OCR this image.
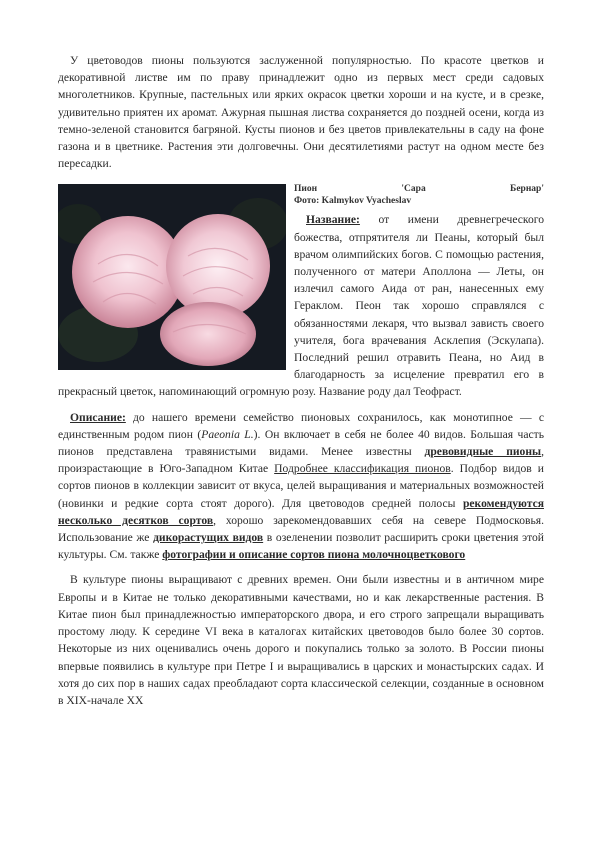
У цветоводов пионы пользуются заслуженной популярностью. По красоте цветков и декоративной листве им по праву принадлежит одно из первых мест среди садовых многолетников. Крупные, пастельных или ярких окрасок цветки хороши и на кусте, и в срезке, удивительно приятен их аромат. Ажурная пышная листва сохраняется до поздней осени, когда из темно-зеленой становится багряной. Кусты пионов и без цветов привлекательны в саду на фоне газона и в цветнике. Растения эти долговечны. Они десятилетиями растут на одном месте без пересадки.

Пион	'Сара	Бернар'
Фото: Kalmykov Vyacheslav

Название: от имени древнегреческого божества, отпрятителя ли Пеаны, который был врачом олимпийских богов. С помощью растения, полученного от матери Аполлона — Леты, он излечил самого Аида от ран, нанесенных ему Гераклом. Пеон так хорошо справлялся с обязанностями лекаря, что вызвал зависть своего учителя, бога врачевания Асклепия (Эскулапа). Последний решил отравить Пеана, но Аид в благодарность за исцеление превратил его в прекрасный цветок, напоминающий огромную розу. Название роду дал Теофраст.

Описание: до нашего времени семейство пионовых сохранилось, как монотипное — с единственным родом пион (Paeonia L.). Он включает в себя не более 40 видов. Большая часть пионов представлена травянистыми видами. Менее известны древовидные пионы, произрастающие в Юго-Западном Китае Подробнее классификация пионов. Подбор видов и сортов пионов в коллекции зависит от вкуса, целей выращивания и материальных возможностей (новинки и редкие сорта стоят дорого). Для цветоводов средней полосы рекомендуются несколько десятков сортов, хорошо зарекомендовавших себя на севере Подмосковья. Использование же дикорастущих видов в озеленении позволит расширить сроки цветения этой культуры. См. также фотографии и описание сортов пиона молочноцветкового

В культуре пионы выращивают с древних времен. Они были известны и в античном мире Европы и в Китае не только декоративными качествами, но и как лекарственные растения. В Китае пион был принадлежностью императорского двора, и его строго запрещали выращивать простому люду. К середине VI века в каталогах китайских цветоводов было более 30 сортов. Некоторые из них оценивались очень дорого и покупались только за золото. В России пионы впервые появились в культуре при Петре I и выращивались в царских и монастырских садах. И хотя до сих пор в наших садах преобладают сорта классической селекции, созданные в основном в XIX-начале XX
